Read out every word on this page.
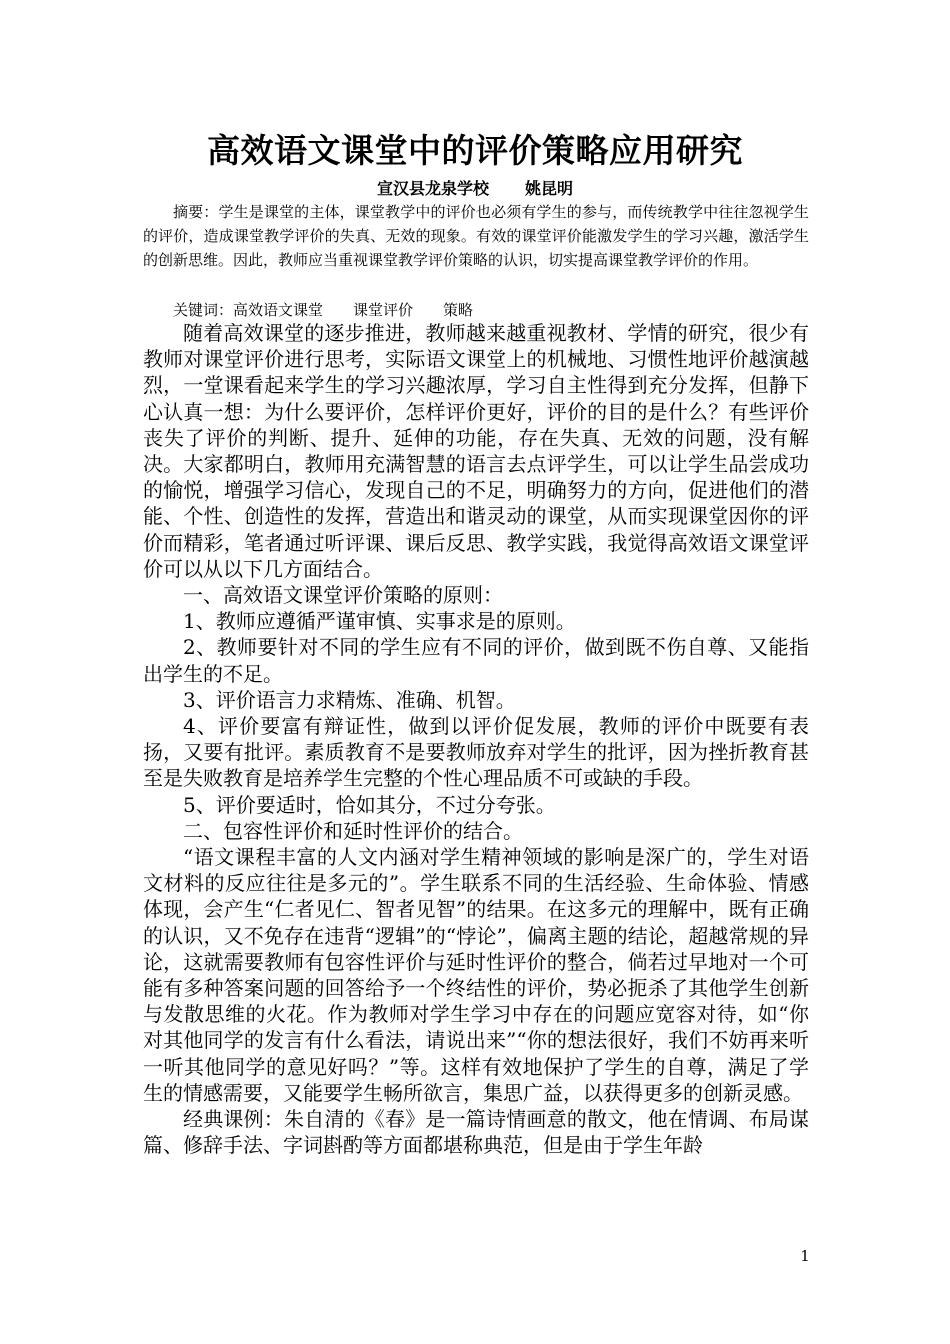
高效语文课堂中的评价策略应用研究
宣汉县龙泉学校 姚昆明

摘要：学生是课堂的主体，课堂教学中的评价也必须有学生的参与，而传统教学中往往忽视学生的评价，造成课堂教学评价的失真、无效的现象。有效的课堂评价能激发学生的学习兴趣，激活学生的创新思维。因此，教师应当重视课堂教学评价策略的认识，切实提高课堂教学评价的作用。

关键词：高效语文课堂 课堂评价 策略

随着高效课堂的逐步推进，教师越来越重视教材、学情的研究，很少有教师对课堂评价进行思考，实际语文课堂上的机械地、习惯性地评价越演越烈，一堂课看起来学生的学习兴趣浓厚，学习自主性得到充分发挥，但静下心认真一想：为什么要评价，怎样评价更好，评价的目的是什么？有些评价丧失了评价的判断、提升、延伸的功能，存在失真、无效的问题，没有解决。大家都明白，教师用充满智慧的语言去点评学生，可以让学生品尝成功的愉悦，增强学习信心，发现自己的不足，明确努力的方向，促进他们的潜能、个性、创造性的发挥，营造出和谐灵动的课堂，从而实现课堂因你的评价而精彩，笔者通过听评课、课后反思、教学实践，我觉得高效语文课堂评价可以从以下几方面结合。

一、高效语文课堂评价策略的原则：

1、教师应遵循严谨审慎、实事求是的原则。

2、教师要针对不同的学生应有不同的评价，做到既不伤自尊、又能指出学生的不足。

3、评价语言力求精炼、准确、机智。

4、评价要富有辩证性，做到以评价促发展，教师的评价中既要有表扬，又要有批评。素质教育不是要教师放弃对学生的批评，因为挫折教育甚至是失败教育是培养学生完整的个性心理品质不可或缺的手段。

5、评价要适时，恰如其分，不过分夸张。

二、包容性评价和延时性评价的结合。

“语文课程丰富的人文内涵对学生精神领域的影响是深广的，学生对语文材料的反应往往是多元的”。学生联系不同的生活经验、生命体验、情感体现，会产生“仁者见仁、智者见智”的结果。在这多元的理解中，既有正确的认识，又不免存在违背“逻辑”的“悖论”，偏离主题的结论，超越常规的异论，这就需要教师有包容性评价与延时性评价的整合，倘若过早地对一个可能有多种答案问题的回答给予一个终结性的评价，势必扼杀了其他学生创新与发散思维的火花。作为教师对学生学习中存在的问题应宽容对待，如“你对其他同学的发言有什么看法，请说出来”“你的想法很好，我们不妨再来听一听其他同学的意见好吗？”等。这样有效地保护了学生的自尊，满足了学生的情感需要，又能要学生畅所欲言，集思广益，以获得更多的创新灵感。

经典课例：朱自清的《春》是一篇诗情画意的散文，他在情调、布局谋篇、修辞手法、字词斟酌等方面都堪称典范，但是由于学生年龄

1
